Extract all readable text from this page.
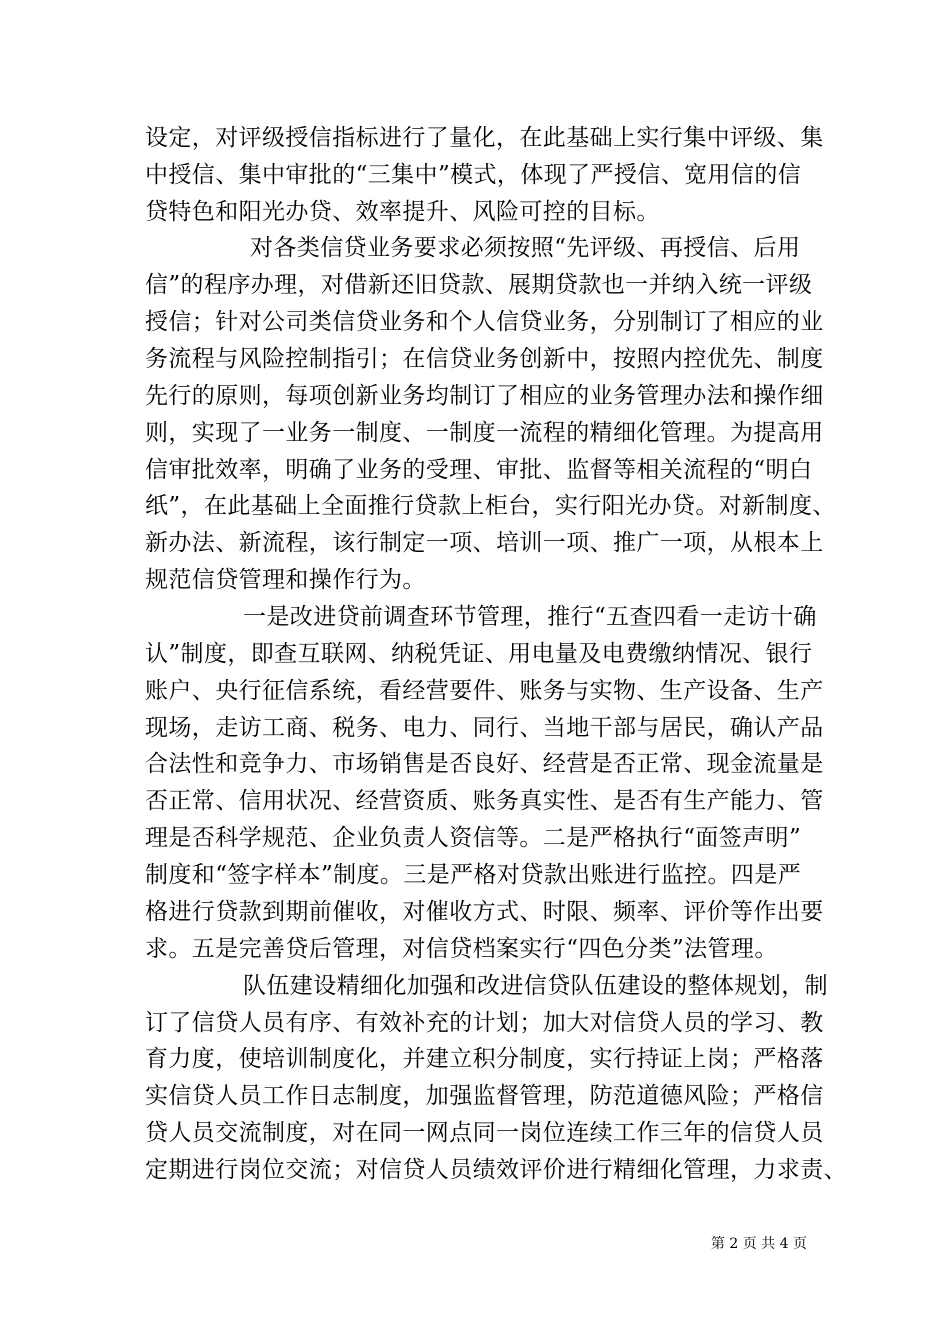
设定，对评级授信指标进行了量化，在此基础上实行集中评级、集
中授信、集中审批的“三集中”模式，体现了严授信、宽用信的信
贷特色和阳光办贷、效率提升、风险可控的目标。
对各类信贷业务要求必须按照“先评级、再授信、后用
信”的程序办理，对借新还旧贷款、展期贷款也一并纳入统一评级
授信；针对公司类信贷业务和个人信贷业务，分别制订了相应的业
务流程与风险控制指引；在信贷业务创新中，按照内控优先、制度
先行的原则，每项创新业务均制订了相应的业务管理办法和操作细
则，实现了一业务一制度、一制度一流程的精细化管理。为提高用
信审批效率，明确了业务的受理、审批、监督等相关流程的“明白
纸”，在此基础上全面推行贷款上柜台，实行阳光办贷。对新制度、
新办法、新流程，该行制定一项、培训一项、推广一项，从根本上
规范信贷管理和操作行为。
一是改进贷前调查环节管理，推行“五查四看一走访十确
认”制度，即查互联网、纳税凭证、用电量及电费缴纳情况、银行
账户、央行征信系统，看经营要件、账务与实物、生产设备、生产
现场，走访工商、税务、电力、同行、当地干部与居民，确认产品
合法性和竞争力、市场销售是否良好、经营是否正常、现金流量是
否正常、信用状况、经营资质、账务真实性、是否有生产能力、管
理是否科学规范、企业负责人资信等。二是严格执行“面签声明”
制度和“签字样本”制度。三是严格对贷款出账进行监控。四是严
格进行贷款到期前催收，对催收方式、时限、频率、评价等作出要
求。五是完善贷后管理，对信贷档案实行“四色分类”法管理。
队伍建设精细化加强和改进信贷队伍建设的整体规划，制
订了信贷人员有序、有效补充的计划；加大对信贷人员的学习、教
育力度，使培训制度化，并建立积分制度，实行持证上岗；严格落
实信贷人员工作日志制度，加强监督管理，防范道德风险；严格信
贷人员交流制度，对在同一网点同一岗位连续工作三年的信贷人员
定期进行岗位交流；对信贷人员绩效评价进行精细化管理，力求责、
第 2 页 共 4 页
